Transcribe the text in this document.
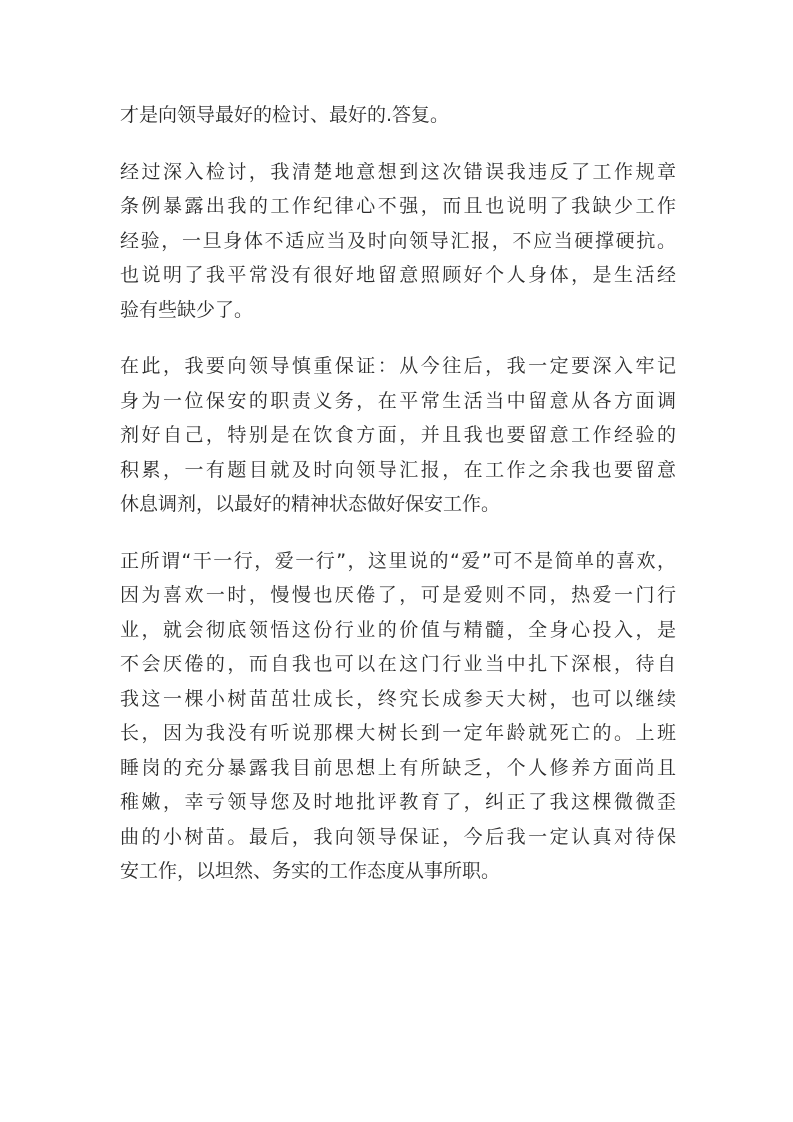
才是向领导最好的检讨、最好的.答复。

经过深入检讨，我清楚地意想到这次错误我违反了工作规章
条例暴露出我的工作纪律心不强，而且也说明了我缺少工作
经验，一旦身体不适应当及时向领导汇报，不应当硬撑硬抗。
也说明了我平常没有很好地留意照顾好个人身体，是生活经
验有些缺少了。

在此，我要向领导慎重保证：从今往后，我一定要深入牢记
身为一位保安的职责义务，在平常生活当中留意从各方面调
剂好自己，特别是在饮食方面，并且我也要留意工作经验的
积累，一有题目就及时向领导汇报，在工作之余我也要留意
休息调剂，以最好的精神状态做好保安工作。

正所谓“干一行，爱一行”，这里说的“爱”可不是简单的喜欢，
因为喜欢一时，慢慢也厌倦了，可是爱则不同，热爱一门行
业，就会彻底领悟这份行业的价值与精髓，全身心投入，是
不会厌倦的，而自我也可以在这门行业当中扎下深根，待自
我这一棵小树苗茁壮成长，终究长成参天大树，也可以继续
长，因为我没有听说那棵大树长到一定年龄就死亡的。上班
睡岗的充分暴露我目前思想上有所缺乏，个人修养方面尚且
稚嫩，幸亏领导您及时地批评教育了，纠正了我这棵微微歪
曲的小树苗。最后，我向领导保证，今后我一定认真对待保
安工作，以坦然、务实的工作态度从事所职。
